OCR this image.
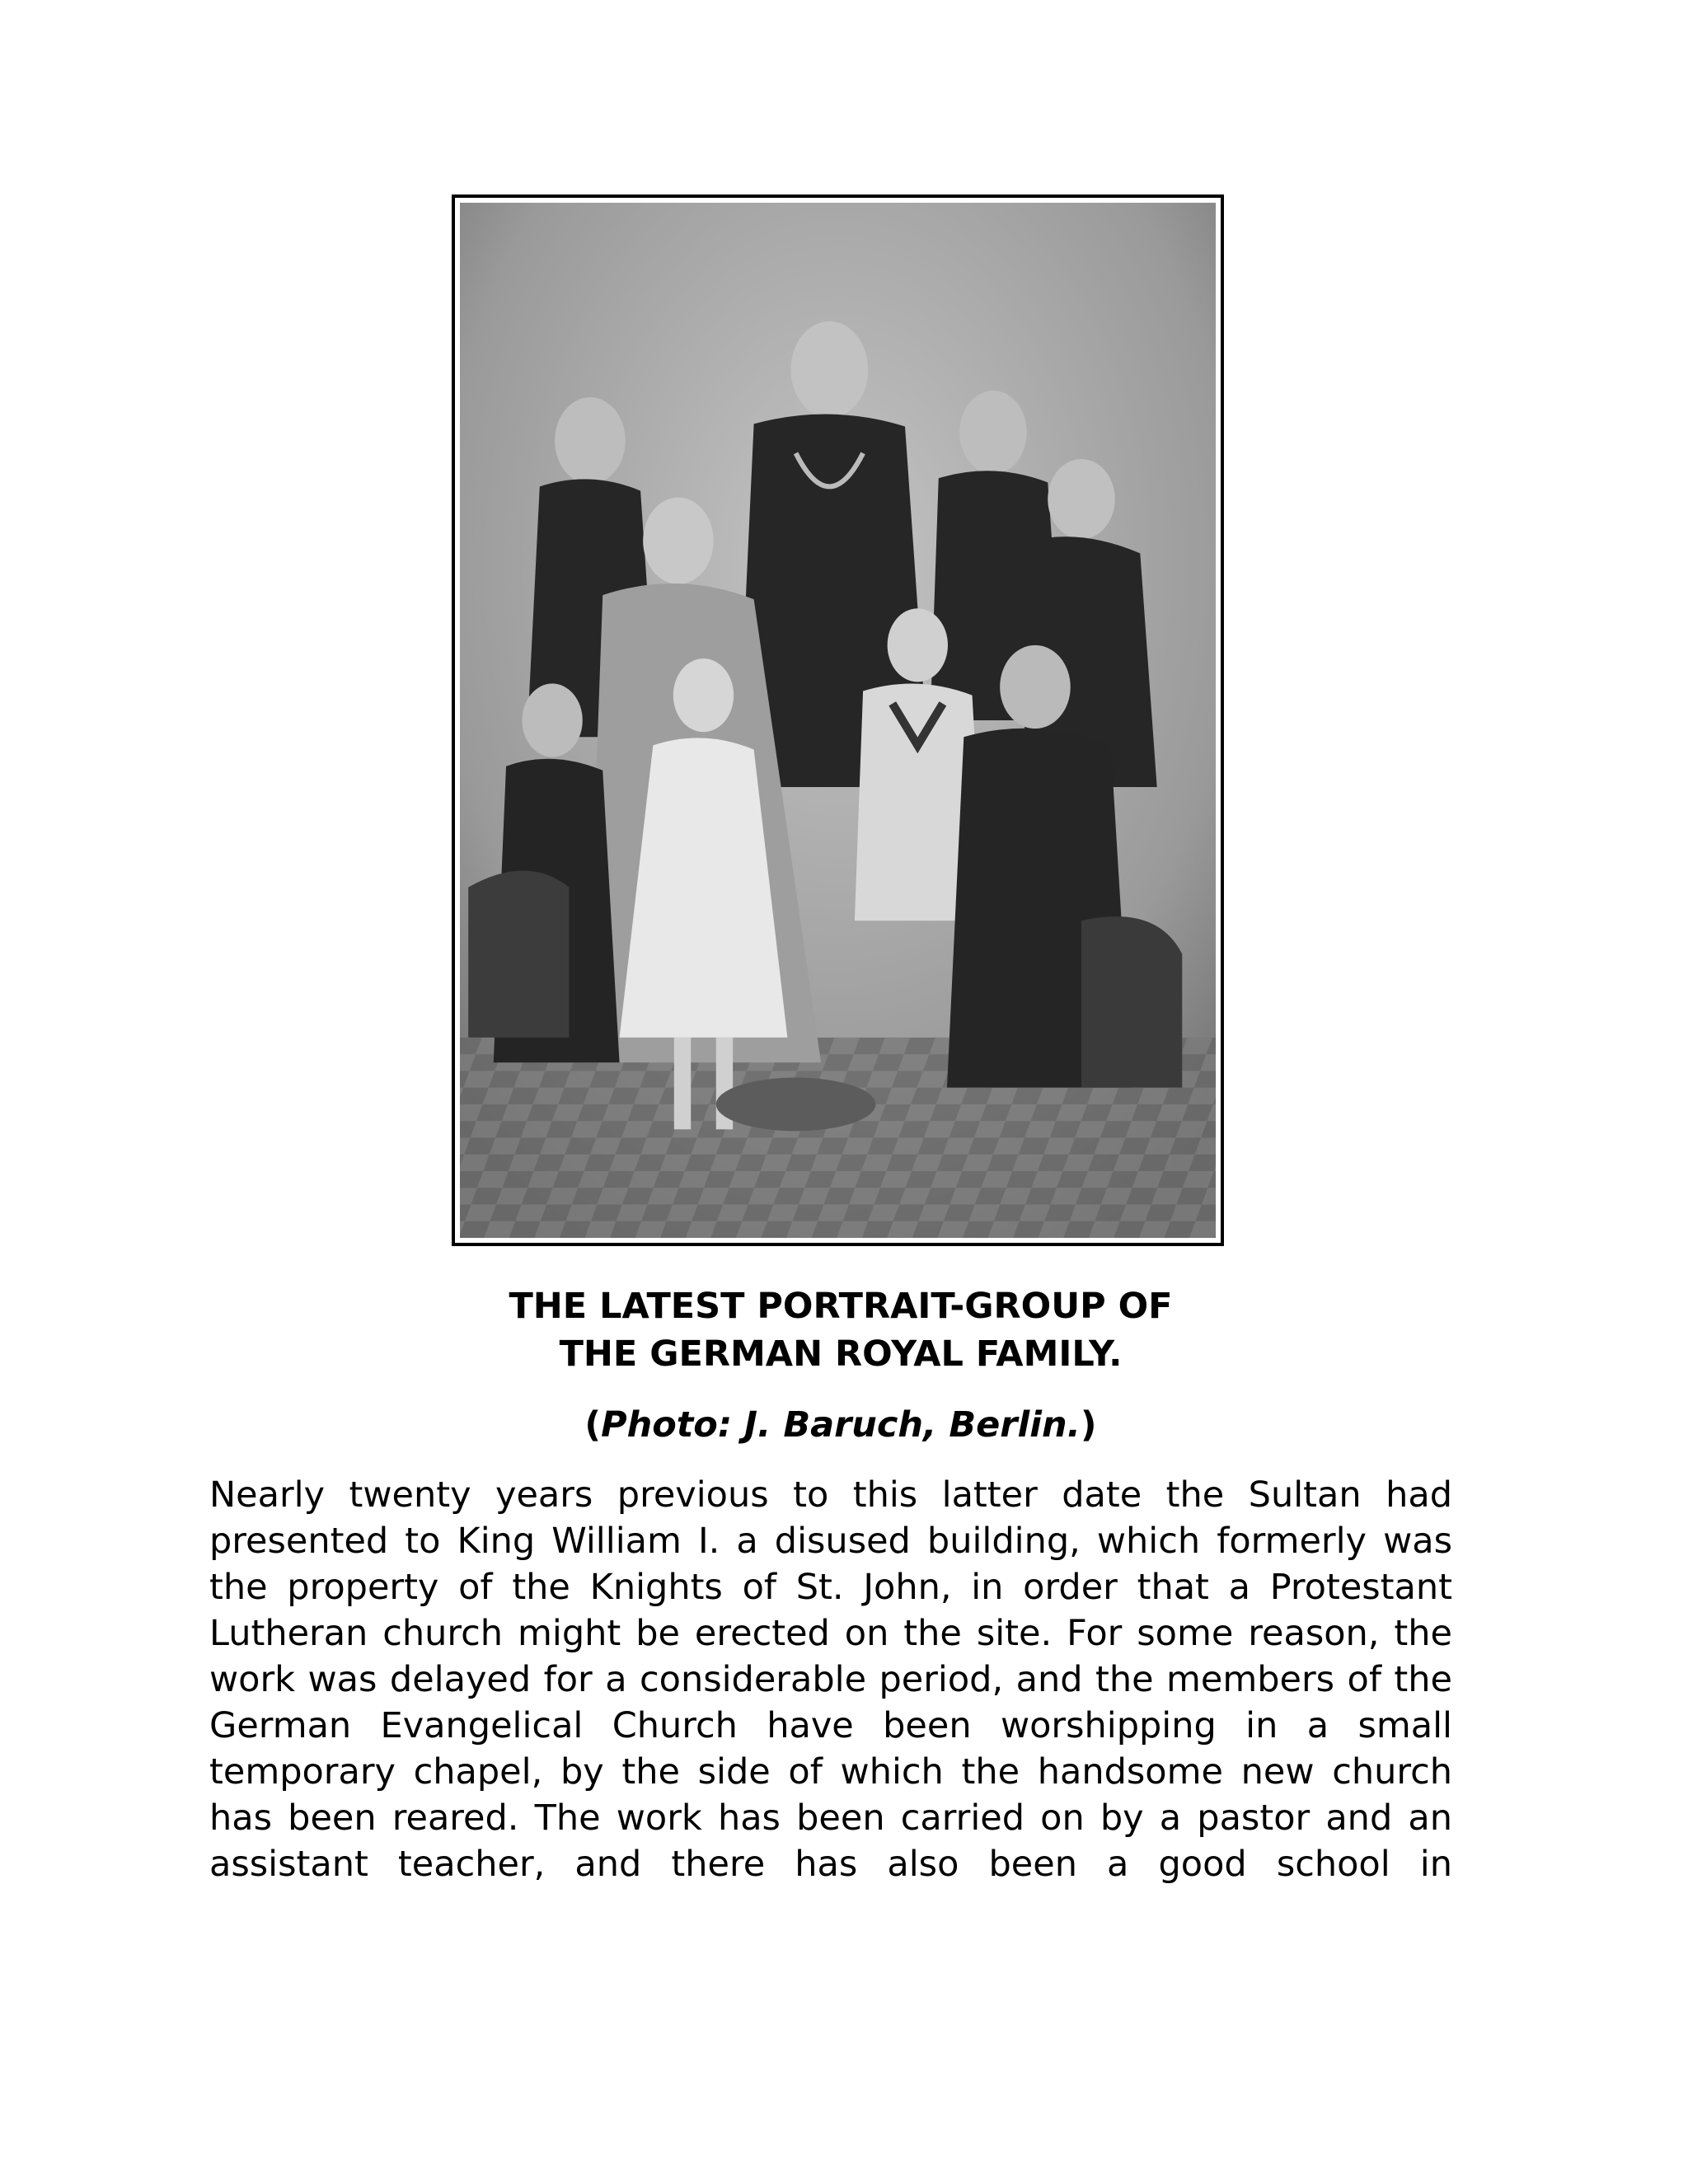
THE LATEST PORTRAIT-GROUP OF
THE GERMAN ROYAL FAMILY.
(Photo: J. Baruch, Berlin.)
Nearly twenty years previous to this latter date the Sultan had
presented to King William I. a disused building, which formerly was
the property of the Knights of St. John, in order that a Protestant
Lutheran church might be erected on the site. For some reason, the
work was delayed for a considerable period, and the members of the
German Evangelical Church have been worshipping in a small
temporary chapel, by the side of which the handsome new church
has been reared. The work has been carried on by a pastor and an
assistant teacher, and there has also been a good school in
